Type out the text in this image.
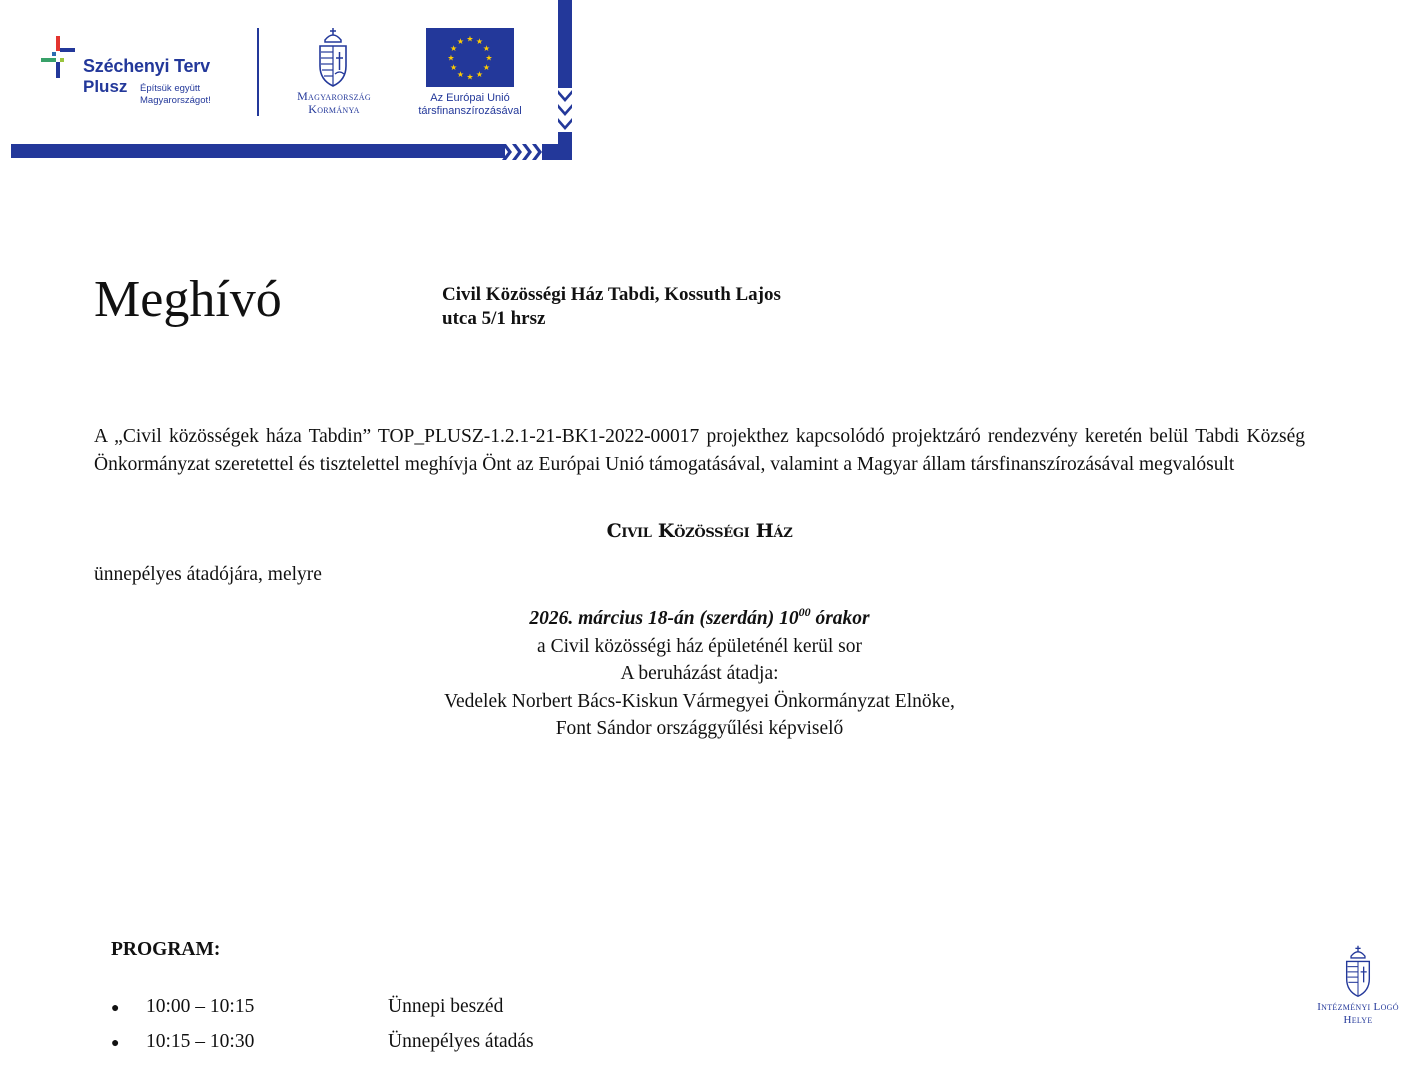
Széchenyi Terv
Plusz Építsük együtt
Magyarországot!	Magyarország
Kormánya
★ ★
★
★
★
★
★
★
★
★
★
★
Az Európai Unió
társfinanszírozásával
Meghívó	Civil Közösségi Ház Tabdi, Kossuth Lajos
utca 5/1 hrsz

A „Civil közösségek háza Tabdin” TOP_PLUSZ-1.2.1-21-BK1-2022-00017 projekthez kapcsolódó projektzáró rendezvény keretén belül Tabdi Község Önkormányzat szeretettel és tisztelettel meghívja Önt az Európai Unió támogatásával, valamint a Magyar állam társfinanszírozásával megvalósult

Civil Közösségi Ház
ünnepélyes átadójára, melyre
2026. március 18-án (szerdán) $10^{00}$ órakor
a Civil közösségi ház épületénél kerül sor
A beruházást átadja:
Vedelek Norbert Bács-Kiskun Vármegyei Önkormányzat Elnöke,
Font Sándor országgyűlési képviselő
PROGRAM:
● 10:00 – 10:15	Ünnepi beszéd
● 10:15 – 10:30	Ünnepélyes átadás
Intézményi Logó
Helye
